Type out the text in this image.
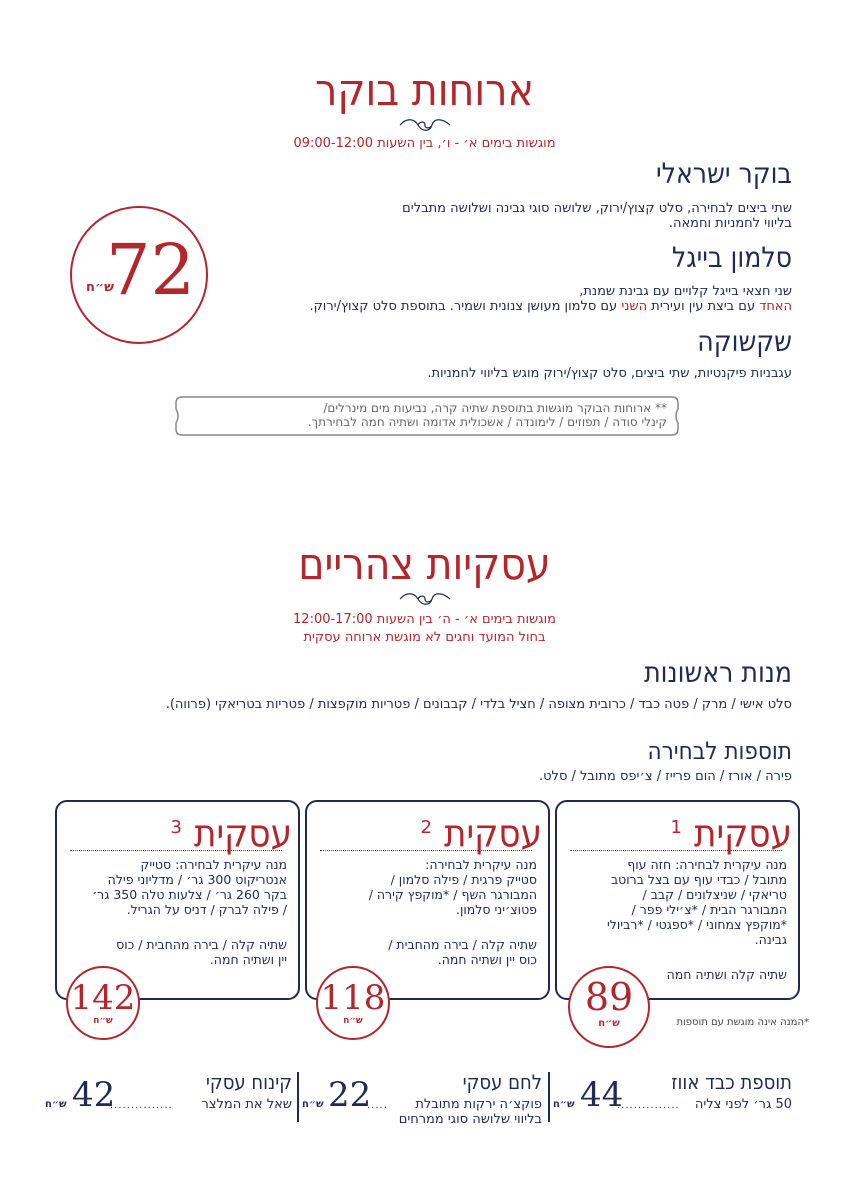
ארוחות בוקר
מוגשות בימים א׳ - ו׳, בין השעות 09:00-12:00
בוקר ישראלי
שתי ביצים לבחירה, סלט קצוץ/ירוק, שלושה סוגי גבינה ושלושה מתבלים
בליווי לחמניות וחמאה.
סלמון בייגל
שני חצאי בייגל קלויים עם גבינת שמנת,
האחד עם ביצת עין ועירית השני עם סלמון מעושן צנונית ושמיר. בתוספת סלט קצוץ/ירוק.
שקשוקה
עגבניות פיקנטיות, שתי ביצים, סלט קצוץ/ירוק מוגש בליווי לחמניות.
72
ש״ח
** ארוחות הבוקר מוגשות בתוספת שתיה קרה, נביעות מים מינרלים/
קינלי סודה / תפוזים / לימונדה / אשכולית אדומה ושתיה חמה לבחירתך.
עסקיות צהריים
מוגשות בימים א׳ - ה׳ בין השעות 12:00-17:00
בחול המועד וחגים לא מוגשת ארוחה עסקית
מנות ראשונות
סלט אישי / מרק / פטה כבד / כרובית מצופה / חציל בלדי / קבבונים / פטריות מוקפצות / פטריות בטריאקי (פרווה).
תוספות לבחירה
פירה / אורז / הום פרייז / צ׳יפס מתובל / סלט.
עסקית $^1$
מנה עיקרית לבחירה: חזה עוף
מתובל / כבדי עוף עם בצל ברוטב
טריאקי / שניצלונים / קבב /
המבורגר הבית / *צ׳ילי פפר /
*מוקפץ צמחוני / *ספגטי / *רביולי
גבינה.
שתיה קלה ושתיה חמה
89
ש״ח	*המנה אינה מוגשת עם תוספות
עסקית $^2$
מנה עיקרית לבחירה:
סטייק פרגית / פילה סלמון /
המבורגר השף / *מוקפץ קירה /
פטוצ׳יני סלמון.
שתיה קלה / בירה מהחבית /
כוס יין ושתיה חמה.
118
ש״ח
עסקית $^3$
מנה עיקרית לבחירה: סטייק
אנטריקוט 300 גר׳ / מדליוני פילה
בקר 260 גר׳ / צלעות טלה 350 גר׳
/ פילה לברק / דניס על הגריל.
שתיה קלה / בירה מהחבית / כוס
יין ושתיה חמה.
142
ש״ח
תוספת כבד אווז
50 גר׳ לפני צליה
...............
44
ש״ח
לחם עסקי
פוקצ׳ה ירקות מתובלת
בליווי שלושה סוגי ממרחים
.....
22
ש״ח
קינוח עסקי
שאל את המלצר
...............
42
ש״ח
